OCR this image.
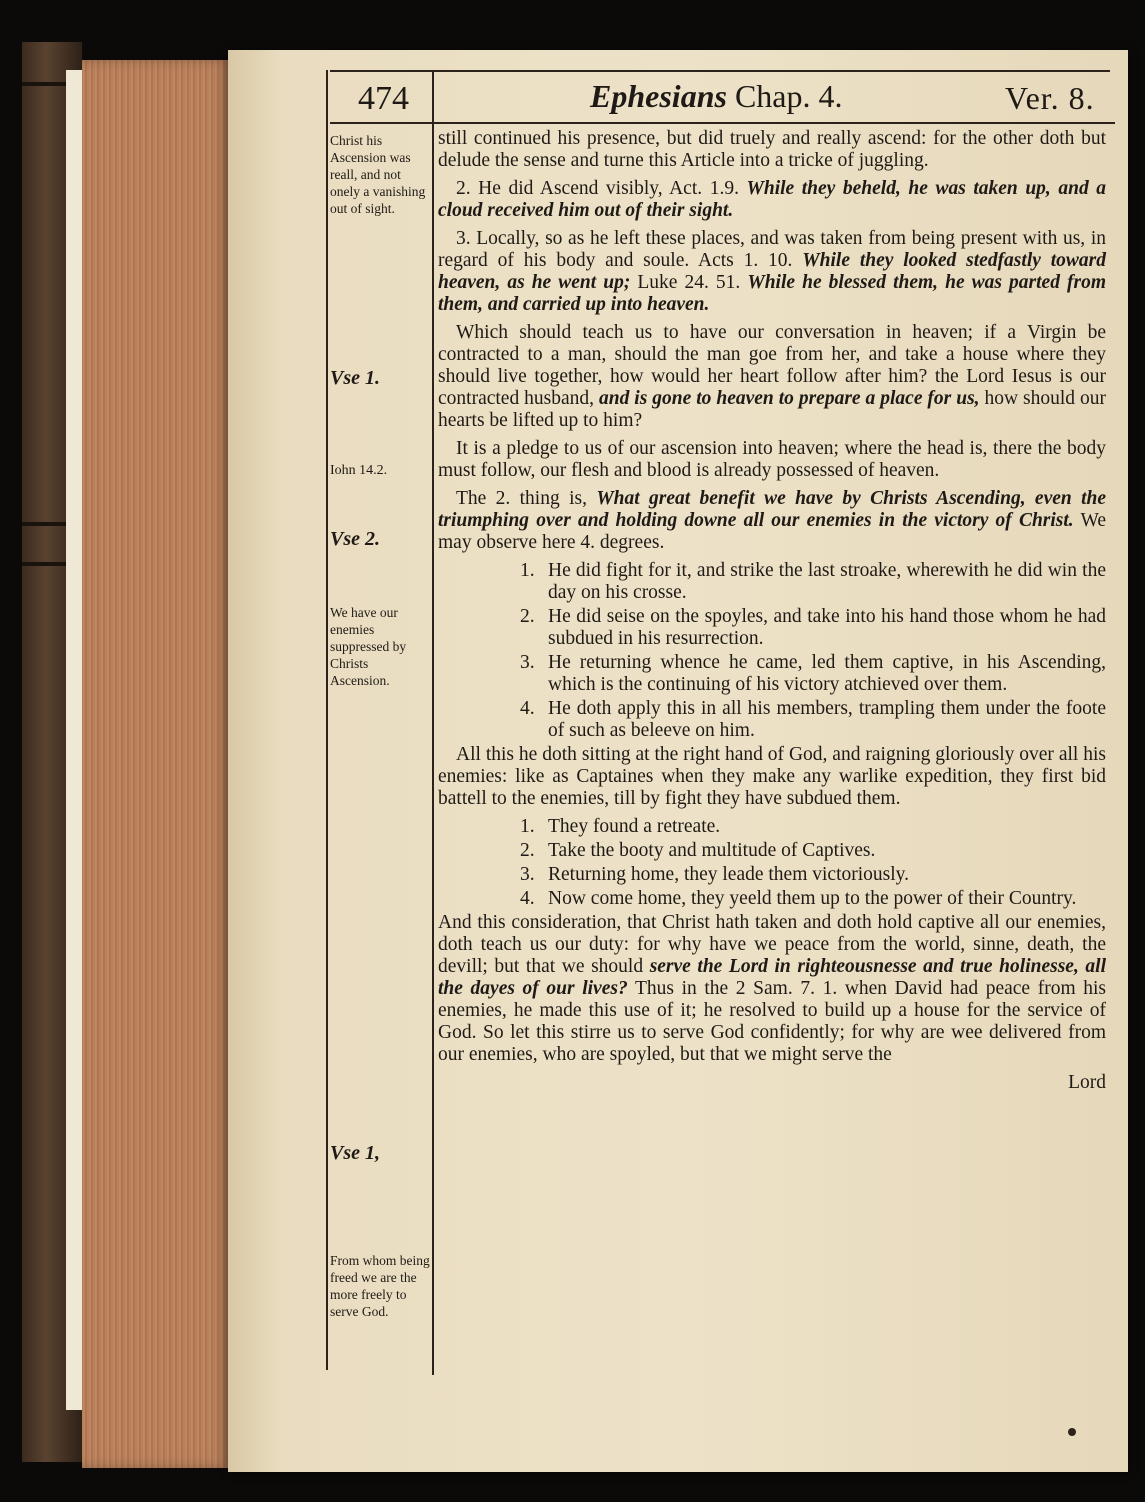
474	Ephesians Chap. 4.	Ver. 8.
Christ his Ascension was reall, and not onely a vanishing out of sight.
Vse 1.
Iohn 14.2.
Vse 2.
We have our enemies suppressed by Christs Ascension.
Vse 1,
From whom being freed we are the more freely to serve God.

still continued his presence, but did truely and really ascend: for the other doth but delude the sense and turne this Article into a tricke of juggling.

2. He did Ascend visibly, Act. 1.9. While they beheld, he was taken up, and a cloud received him out of their sight.

3. Locally, so as he left these places, and was taken from being present with us, in regard of his body and soule. Acts 1. 10. While they looked stedfastly toward heaven, as he went up; Luke 24. 51. While he blessed them, he was parted from them, and carried up into heaven.

Which should teach us to have our conversation in heaven; if a Virgin be contracted to a man, should the man goe from her, and take a house where they should live together, how would her heart follow after him? the Lord Iesus is our contracted husband, and is gone to heaven to prepare a place for us, how should our hearts be lifted up to him?

It is a pledge to us of our ascension into heaven; where the head is, there the body must follow, our flesh and blood is already possessed of heaven.

The 2. thing is, What great benefit we have by Christs Ascending, even the triumphing over and holding downe all our enemies in the victory of Christ. We may observe here 4. degrees.

1. He did fight for it, and strike the last stroake, wherewith he did win the day on his crosse.
2. He did seise on the spoyles, and take into his hand those whom he had subdued in his resurrection.
3. He returning whence he came, led them captive, in his Ascending, which is the continuing of his victory atchieved over them.
4. He doth apply this in all his members, trampling them under the foote of such as beleeve on him.

All this he doth sitting at the right hand of God, and raigning gloriously over all his enemies: like as Captaines when they make any warlike expedition, they first bid battell to the enemies, till by fight they have subdued them.

1. They found a retreate.
2. Take the booty and multitude of Captives.
3. Returning home, they leade them victoriously.
4. Now come home, they yeeld them up to the power of their Country.

And this consideration, that Christ hath taken and doth hold captive all our enemies, doth teach us our duty: for why have we peace from the world, sinne, death, the devill; but that we should serve the Lord in righteousnesse and true holinesse, all the dayes of our lives? Thus in the 2 Sam. 7. 1. when David had peace from his enemies, he made this use of it; he resolved to build up a house for the service of God. So let this stirre us to serve God confidently; for why are wee delivered from our enemies, who are spoyled, but that we might serve the

Lord
